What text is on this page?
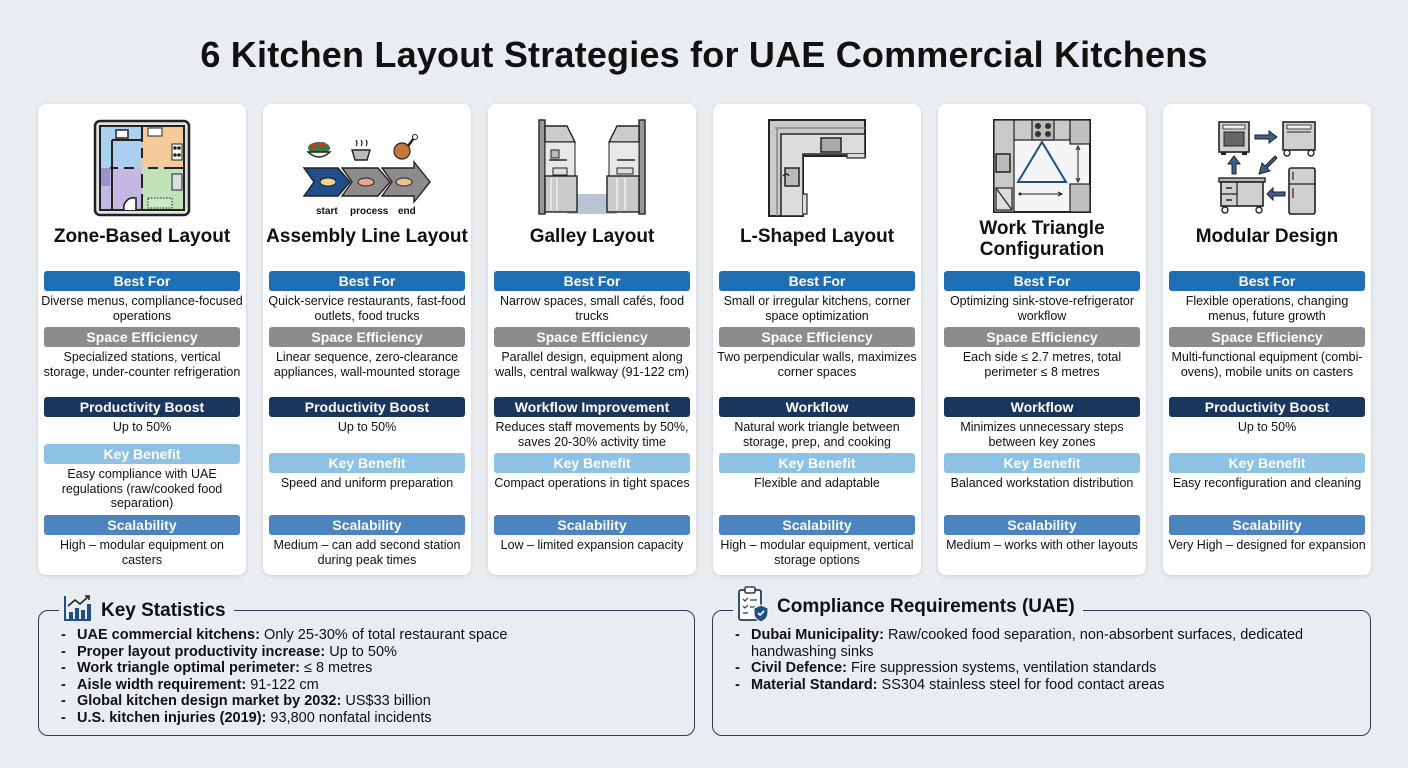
6 Kitchen Layout Strategies for UAE Commercial Kitchens
Zone-Based Layout
Best For
Diverse menus, compliance-focused operations
Space Efficiency
Specialized stations, vertical storage, under-counter refrigeration
Productivity Boost
Up to 50%
Key Benefit
Easy compliance with UAE regulations (raw/cooked food separation)
Scalability
High – modular equipment on casters
start process end
Assembly Line Layout
Best For
Quick-service restaurants, fast-food outlets, food trucks
Space Efficiency
Linear sequence, zero-clearance appliances, wall-mounted storage
Productivity Boost
Up to 50%
Key Benefit
Speed and uniform preparation
Scalability
Medium – can add second station during peak times
Galley Layout
Best For
Narrow spaces, small cafés, food trucks
Space Efficiency
Parallel design, equipment along walls, central walkway (91-122 cm)
Workflow Improvement
Reduces staff movements by 50%, saves 20-30% activity time
Key Benefit
Compact operations in tight spaces
Scalability
Low – limited expansion capacity
L-Shaped Layout
Best For
Small or irregular kitchens, corner space optimization
Space Efficiency
Two perpendicular walls, maximizes corner spaces
Workflow
Natural work triangle between storage, prep, and cooking
Key Benefit
Flexible and adaptable
Scalability
High – modular equipment, vertical storage options
Work Triangle
Configuration
Best For
Optimizing sink-stove-refrigerator workflow
Space Efficiency
Each side ≤ 2.7 metres, total perimeter ≤ 8 metres
Workflow
Minimizes unnecessary steps between key zones
Key Benefit
Balanced workstation distribution
Scalability
Medium – works with other layouts
Modular Design
Best For
Flexible operations, changing menus, future growth
Space Efficiency
Multi-functional equipment (combi-ovens), mobile units on casters
Productivity Boost
Up to 50%
Key Benefit
Easy reconfiguration and cleaning
Scalability
Very High – designed for expansion
Key Statistics
- UAE commercial kitchens: Only 25-30% of total restaurant space
- Proper layout productivity increase: Up to 50%
- Work triangle optimal perimeter: ≤ 8 metres
- Aisle width requirement: 91-122 cm
- Global kitchen design market by 2032: US$33 billion
- U.S. kitchen injuries (2019): 93,800 nonfatal incidents
Compliance Requirements (UAE)
- Dubai Municipality: Raw/cooked food separation, non-absorbent surfaces, dedicated handwashing sinks
- Civil Defence: Fire suppression systems, ventilation standards
- Material Standard: SS304 stainless steel for food contact areas
